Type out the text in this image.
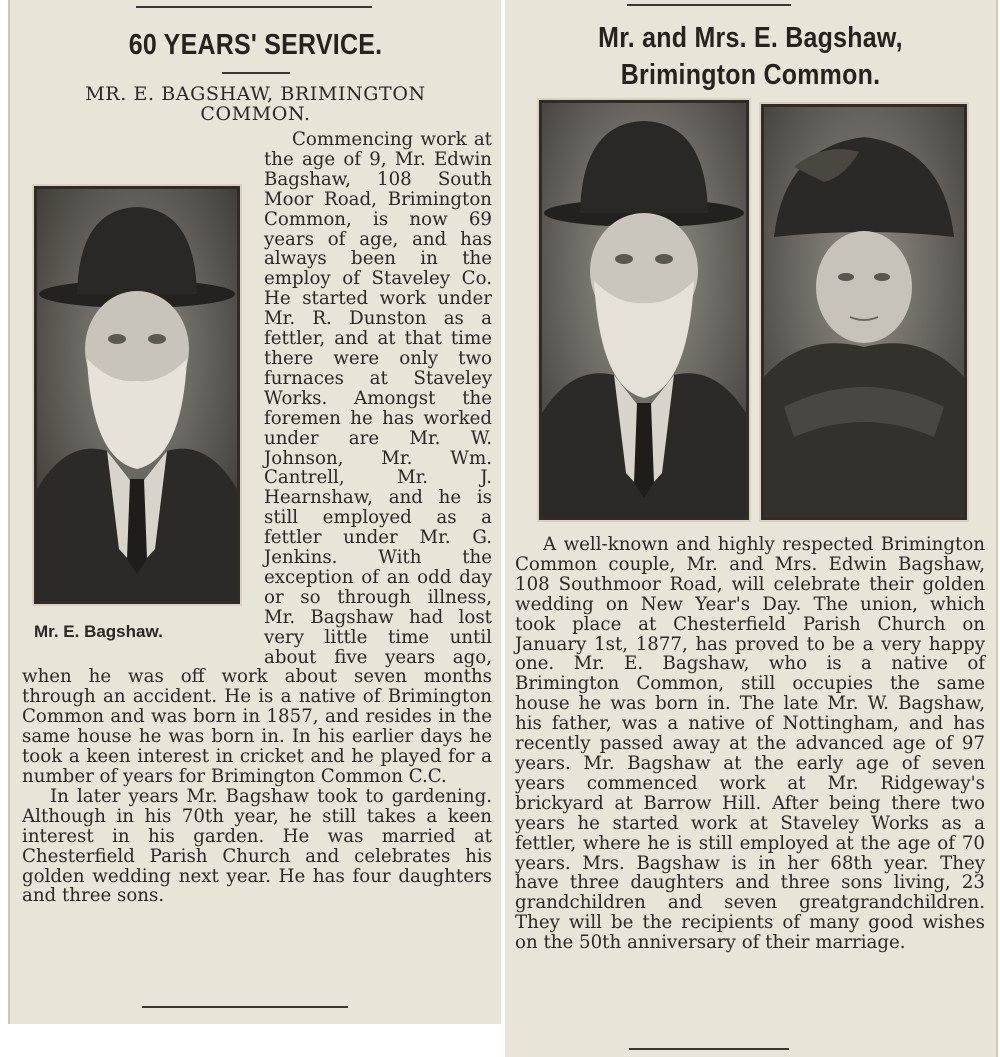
60 YEARS' SERVICE.
MR. E. BAGSHAW, BRIMINGTON COMMON.
Mr. E. Bagshaw.

Commencing work at the age of 9, Mr. Edwin Bagshaw, 108 South Moor Road, Brimington Common, is now 69 years of age, and has always been in the employ of Staveley Co. He started work under Mr. R. Dunston as a fettler, and at that time there were only two furnaces at Staveley Works. Amongst the foremen he has worked under are Mr. W. Johnson, Mr. Wm. Cantrell, Mr. J. Hearnshaw, and he is still employed as a fettler under Mr. G. Jenkins. With the exception of an odd day or so through illness, Mr. Bagshaw had lost very little time until about five years ago, when he was off work about seven months through an accident. He is a native of Brimington Common and was born in 1857, and resides in the same house he was born in. In his earlier days he took a keen interest in cricket and he played for a number of years for Brimington Common C.C.

In later years Mr. Bagshaw took to gardening. Although in his 70th year, he still takes a keen interest in his garden. He was married at Chesterfield Parish Church and celebrates his golden wedding next year. He has four daughters and three sons.

Mr. and Mrs. E. Bagshaw,
Brimington Common.

A well-known and highly respected Brimington Common couple, Mr. and Mrs. Edwin Bagshaw, 108 Southmoor Road, will celebrate their golden wedding on New Year's Day. The union, which took place at Chesterfield Parish Church on January 1st, 1877, has proved to be a very happy one. Mr. E. Bagshaw, who is a native of Brimington Common, still occupies the same house he was born in. The late Mr. W. Bagshaw, his father, was a native of Nottingham, and has recently passed away at the advanced age of 97 years. Mr. Bagshaw at the early age of seven years commenced work at Mr. Ridgeway's brickyard at Barrow Hill. After being there two years he started work at Staveley Works as a fettler, where he is still employed at the age of 70 years. Mrs. Bagshaw is in her 68th year. They have three daughters and three sons living, 23 grandchildren and seven greatgrandchildren. They will be the recipients of many good wishes on the 50th anniversary of their marriage.
